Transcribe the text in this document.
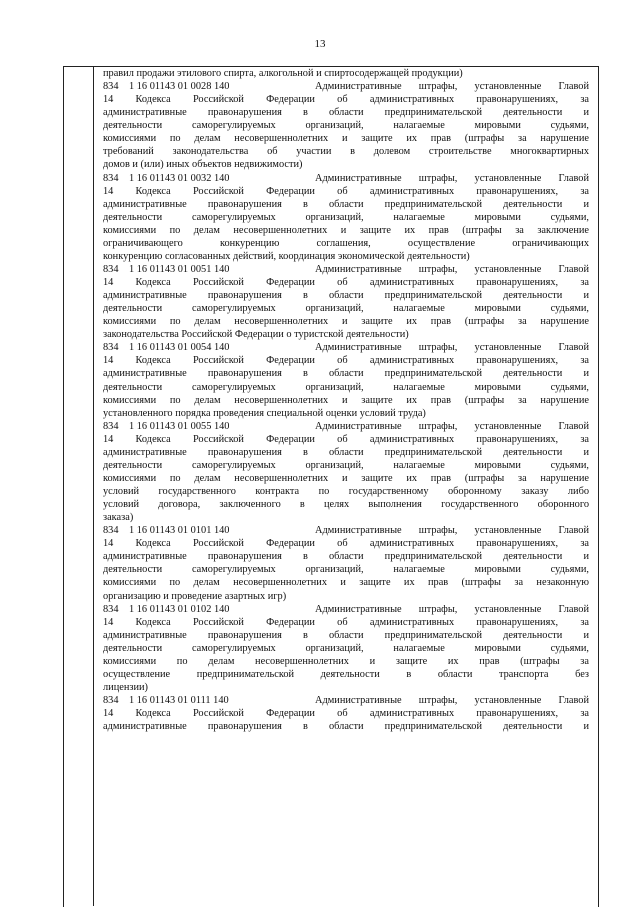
13
правил продажи этилового спирта, алкогольной и спиртосодержащей продукции)
834	1 16 01143 01 0028 140	Административные штрафы, установленные Главой
14 Кодекса Российской Федерации об административных правонарушениях, за
административные правонарушения в области предпринимательской деятельности и
деятельности саморегулируемых организаций, налагаемые мировыми судьями,
комиссиями по делам несовершеннолетних и защите их прав (штрафы за нарушение
требований законодательства об участии в долевом строительстве многоквартирных
домов и (или) иных объектов недвижимости)
834	1 16 01143 01 0032 140	Административные штрафы, установленные Главой
14 Кодекса Российской Федерации об административных правонарушениях, за
административные правонарушения в области предпринимательской деятельности и
деятельности саморегулируемых организаций, налагаемые мировыми судьями,
комиссиями по делам несовершеннолетних и защите их прав (штрафы за заключение
ограничивающего конкуренцию соглашения, осуществление ограничивающих
конкуренцию согласованных действий, координация экономической деятельности)
834	1 16 01143 01 0051 140	Административные штрафы, установленные Главой
14 Кодекса Российской Федерации об административных правонарушениях, за
административные правонарушения в области предпринимательской деятельности и
деятельности саморегулируемых организаций, налагаемые мировыми судьями,
комиссиями по делам несовершеннолетних и защите их прав (штрафы за нарушение
законодательства Российской Федерации о туристской деятельности)
834	1 16 01143 01 0054 140	Административные штрафы, установленные Главой
14 Кодекса Российской Федерации об административных правонарушениях, за
административные правонарушения в области предпринимательской деятельности и
деятельности саморегулируемых организаций, налагаемые мировыми судьями,
комиссиями по делам несовершеннолетних и защите их прав (штрафы за нарушение
установленного порядка проведения специальной оценки условий труда)
834	1 16 01143 01 0055 140	Административные штрафы, установленные Главой
14 Кодекса Российской Федерации об административных правонарушениях, за
административные правонарушения в области предпринимательской деятельности и
деятельности саморегулируемых организаций, налагаемые мировыми судьями,
комиссиями по делам несовершеннолетних и защите их прав (штрафы за нарушение
условий государственного контракта по государственному оборонному заказу либо
условий договора, заключенного в целях выполнения государственного оборонного
заказа)
834	1 16 01143 01 0101 140	Административные штрафы, установленные Главой
14 Кодекса Российской Федерации об административных правонарушениях, за
административные правонарушения в области предпринимательской деятельности и
деятельности саморегулируемых организаций, налагаемые мировыми судьями,
комиссиями по делам несовершеннолетних и защите их прав (штрафы за незаконную
организацию и проведение азартных игр)
834	1 16 01143 01 0102 140	Административные штрафы, установленные Главой
14 Кодекса Российской Федерации об административных правонарушениях, за
административные правонарушения в области предпринимательской деятельности и
деятельности саморегулируемых организаций, налагаемые мировыми судьями,
комиссиями по делам несовершеннолетних и защите их прав (штрафы за
осуществление предпринимательской деятельности в области транспорта без
лицензии)
834	1 16 01143 01 0111 140	Административные штрафы, установленные Главой
14 Кодекса Российской Федерации об административных правонарушениях, за
административные правонарушения в области предпринимательской деятельности и
